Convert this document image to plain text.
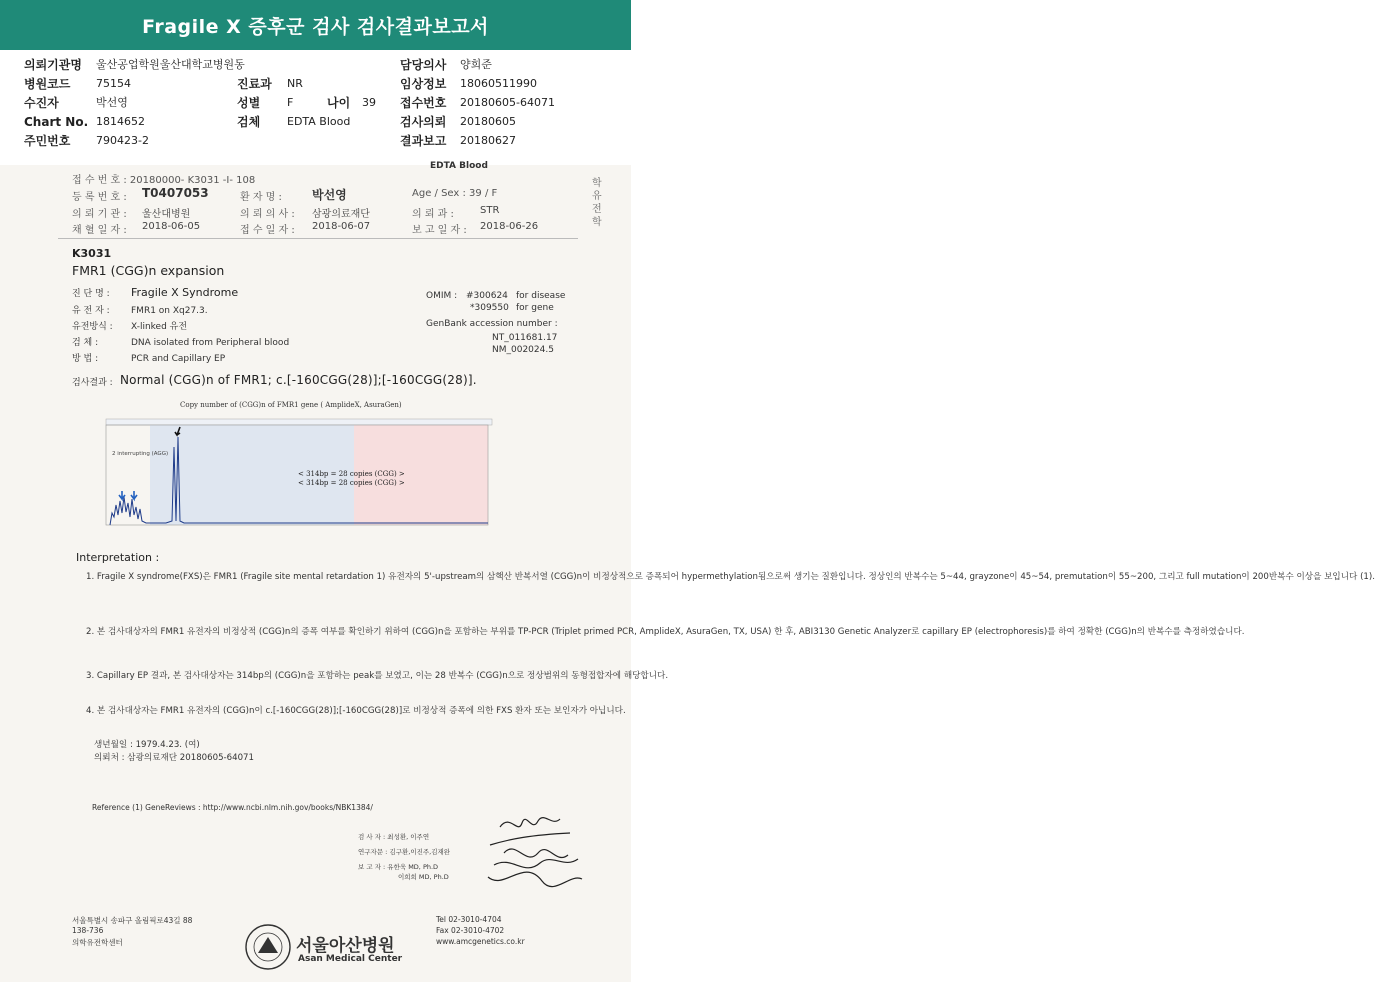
Fragile X 증후군 검사 검사결과보고서
의뢰기관명 울산공업학원울산대학교병원동	담당의사 양희준
병원코드 75154	진료과 NR	임상정보 18060511990
수진자	박선영	성별 F	나이 39 접수번호 20180605-64071
Chart No. 1814652	검체 EDTA Blood	검사의뢰 20180605
주민번호 790423-2	결과보고 20180627
EDTA Blood
접 수 번 호 : 20180000- K3031 -I- 108
등 록 번 호 : T0407053	환 자 명 :	박선영	Age / Sex : 39 / F
의 뢰 기 관 : 울산대병원	의 뢰 의 사 : 삼광의료재단	의 뢰 과 :	STR
채 혈 일 자 : 2018-06-05	접 수 일 자 : 2018-06-07	보 고 일 자 : 2018-06-26
학 유 전 학
K3031
FMR1 (CGG)n expansion
진 단 명 : Fragile X Syndrome
유 전 자 : FMR1 on Xq27.3.
유전방식 : X-linked 유전
검 체 :	DNA isolated from Peripheral blood
방 법 :	PCR and Capillary EP
OMIM : #300624 for disease
*309550 for gene
GenBank accession number :
NT_011681.17
NM_002024.5
검사결과 : Normal (CGG)n of FMR1; c.[-160CGG(28)];[-160CGG(28)].
Copy number of (CGG)n of FMR1 gene ( AmplideX, AsuraGen)
2 interrupting (AGG)
< 314bp = 28 copies (CGG) >
< 314bp = 28 copies (CGG) >
Interpretation :
1. Fragile X syndrome(FXS)은 FMR1 (Fragile site mental retardation 1) 유전자의 5'-upstream의 삼핵산 반복서열 (CGG)n이 비정상적으로 증폭되어 hypermethylation됨으로써 생기는 질환입니다. 정상인의 반복수는 5~44, grayzone이 45~54, premutation이 55~200, 그리고 full mutation이 200반복수 이상을 보입니다 (1).
2. 본 검사대상자의 FMR1 유전자의 비정상적 (CGG)n의 증폭 여부를 확인하기 위하여 (CGG)n을 포함하는 부위를 TP-PCR (Triplet primed PCR, AmplideX, AsuraGen, TX, USA) 한 후, ABI3130 Genetic Analyzer로 capillary EP (electrophoresis)를 하여 정확한 (CGG)n의 반복수를 측정하였습니다.
3. Capillary EP 결과, 본 검사대상자는 314bp의 (CGG)n을 포함하는 peak를 보였고, 이는 28 반복수 (CGG)n으로 정상범위의 동형접합자에 해당합니다.
4. 본 검사대상자는 FMR1 유전자의 (CGG)n이 c.[-160CGG(28)];[-160CGG(28)]로 비정상적 증폭에 의한 FXS 환자 또는 보인자가 아닙니다.
생년월일 : 1979.4.23. (여)
의뢰처 : 삼광의료재단 20180605-64071
Reference (1) GeneReviews : http://www.ncbi.nlm.nih.gov/books/NBK1384/
검 사 자 : 최성환, 이주연
연구자문 : 김구환,이진주,김재완
보 고 자 : 유한욱 MD, Ph.D
이희희 MD, Ph.D
서울특별시 송파구 올림픽로43길 88
138-736
의학유전학센터	서울아산병원
Asan Medical Center
Tel 02-3010-4704
Fax 02-3010-4702
www.amcgenetics.co.kr
